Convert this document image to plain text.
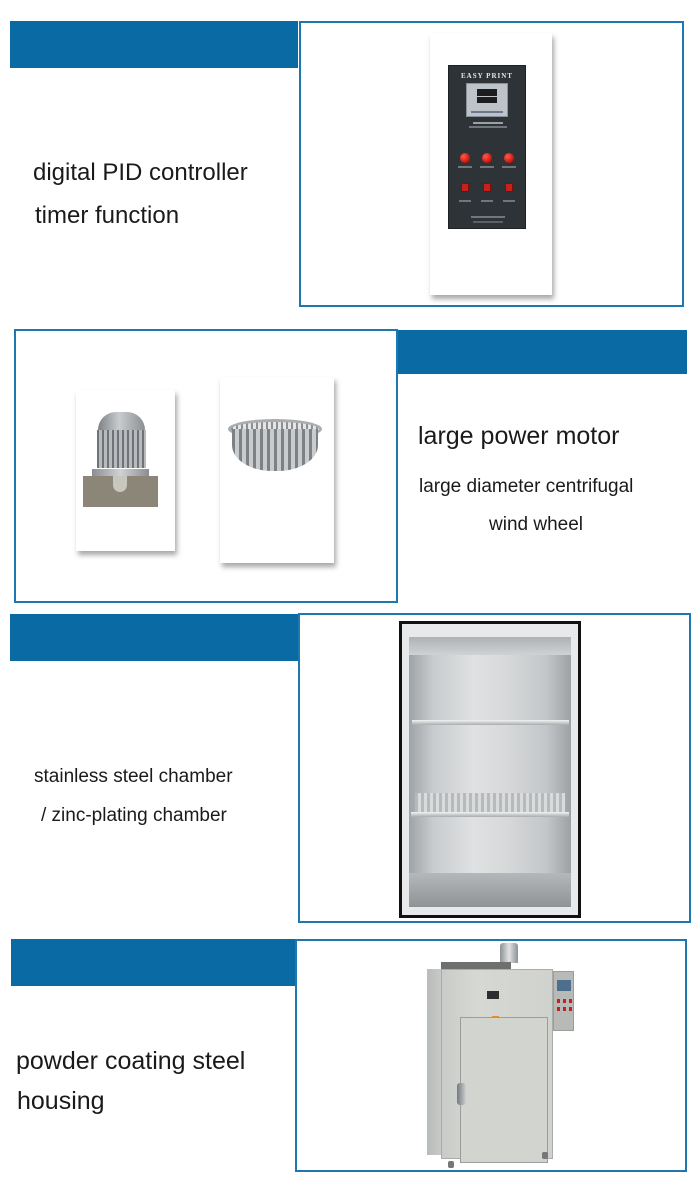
digital PID controller
timer function
EASY PRINT
large power motor
large diameter centrifugal
wind wheel
stainless steel chamber
/ zinc-plating chamber
powder coating steel
housing
